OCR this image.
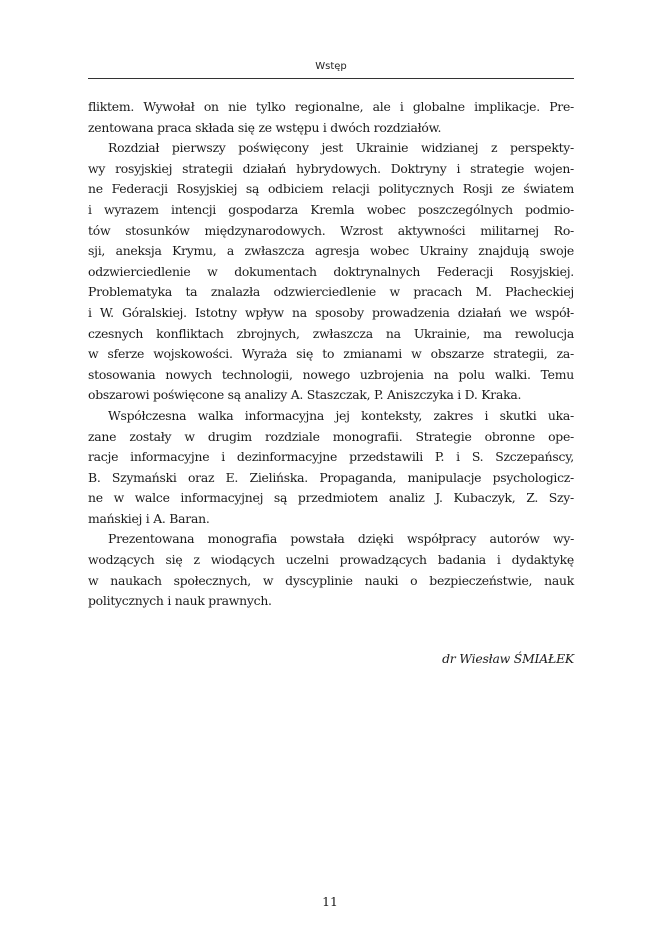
Wstęp
fliktem. Wywołał on nie tylko regionalne, ale i globalne implikacje. Pre-
zentowana praca składa się ze wstępu i dwóch rozdziałów.
Rozdział pierwszy poświęcony jest Ukrainie widzianej z perspekty-
wy rosyjskiej strategii działań hybrydowych. Doktryny i strategie wojen-
ne Federacji Rosyjskiej są odbiciem relacji politycznych Rosji ze światem
i wyrazem intencji gospodarza Kremla wobec poszczególnych podmio-
tów stosunków międzynarodowych. Wzrost aktywności militarnej Ro-
sji, aneksja Krymu, a zwłaszcza agresja wobec Ukrainy znajdują swoje
odzwierciedlenie w dokumentach doktrynalnych Federacji Rosyjskiej.
Problematyka ta znalazła odzwierciedlenie w pracach M. Płacheckiej
i W. Góralskiej. Istotny wpływ na sposoby prowadzenia działań we współ-
czesnych konfliktach zbrojnych, zwłaszcza na Ukrainie, ma rewolucja
w sferze wojskowości. Wyraża się to zmianami w obszarze strategii, za-
stosowania nowych technologii, nowego uzbrojenia na polu walki. Temu
obszarowi poświęcone są analizy A. Staszczak, P. Aniszczyka i D. Kraka.
Współczesna walka informacyjna jej konteksty, zakres i skutki uka-
zane zostały w drugim rozdziale monografii. Strategie obronne ope-
racje informacyjne i dezinformacyjne przedstawili P. i S. Szczepańscy,
B. Szymański oraz E. Zielińska. Propaganda, manipulacje psychologicz-
ne w walce informacyjnej są przedmiotem analiz J. Kubaczyk, Z. Szy-
mańskiej i A. Baran.
Prezentowana monografia powstała dzięki współpracy autorów wy-
wodzących się z wiodących uczelni prowadzących badania i dydaktykę
w naukach społecznych, w dyscyplinie nauki o bezpieczeństwie, nauk
politycznych i nauk prawnych.
dr Wiesław ŚMIAŁEK
11
